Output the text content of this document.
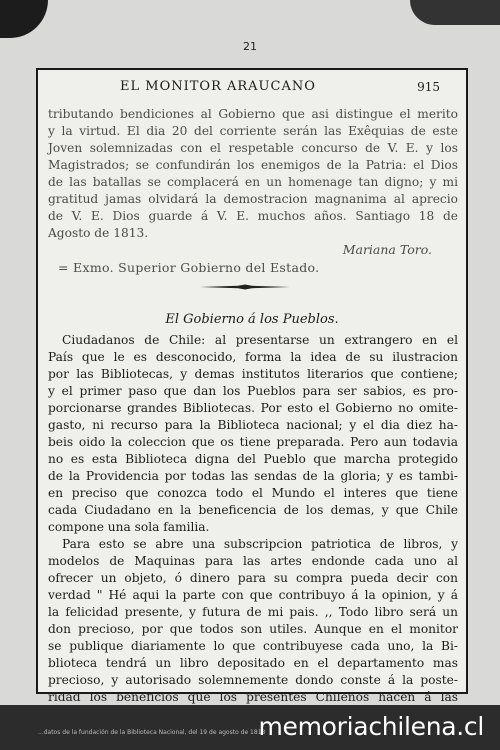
21
EL MONITOR ARAUCANO	915
tributando bendiciones al Gobierno que asi distingue el merito
y la virtud. El dia 20 del corriente serán las Exêquias de este
Joven solemnizadas con el respetable concurso de V. E. y los
Magistrados; se confundirán los enemigos de la Patria: el Dios
de las batallas se complacerá en un homenage tan digno; y mi
gratitud jamas olvidará la demostracion magnanima al aprecio
de V. E. Dios guarde á V. E. muchos años. Santiago 18 de
Agosto de 1813.
Mariana Toro.
= Exmo. Superior Gobierno del Estado.
El Gobierno á los Pueblos.
Ciudadanos de Chile: al presentarse un extrangero en el
País que le es desconocido, forma la idea de su ilustracion
por las Bibliotecas, y demas institutos literarios que contiene;
y el primer paso que dan los Pueblos para ser sabios, es pro-
porcionarse grandes Bibliotecas. Por esto el Gobierno no omite-
gasto, ni recurso para la Biblioteca nacional; y el dia diez ha-
beis oido la coleccion que os tiene preparada. Pero aun todavia
no es esta Biblioteca digna del Pueblo que marcha protegido
de la Providencia por todas las sendas de la gloria; y es tambi-
en preciso que conozca todo el Mundo el interes que tiene
cada Ciudadano en la beneficencia de los demas, y que Chile
compone una sola familia.
Para esto se abre una subscripcion patriotica de libros, y
modelos de Maquinas para las artes endonde cada uno al
ofrecer un objeto, ó dinero para su compra pueda decir con
verdad " Hé aqui la parte con que contribuyo á la opinion, y á
la felicidad presente, y futura de mi pais. ,, Todo libro será un
don precioso, por que todos son utiles. Aunque en el monitor
se publique diariamente lo que contribuyese cada uno, la Bi-
blioteca tendrá un libro depositado en el departamento mas
precioso, y autorisado solemnemente dondo conste á la poste-
ridad los beneficios que los presentes Chilenos hacen á las
...datos de la fundación de la Biblioteca Nacional, del 19 de agosto de 1813
memoriachilena.cl
